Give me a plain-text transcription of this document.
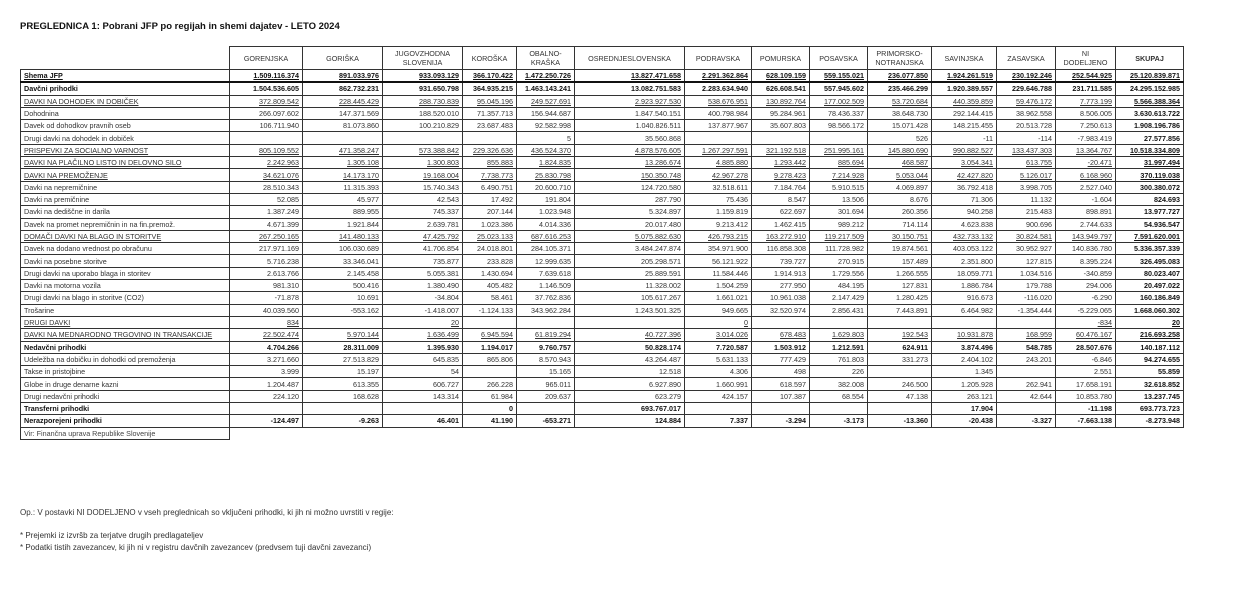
PREGLEDNICA 1: Pobrani JFP po regijah in shemi dajatev - LETO 2024
	GORENJSKA	GORIŠKA	JUGOVZHODNA SLOVENIJA	KOROŠKA	OBALNO-KRAŠKA	OSREDNJESLOVENSKA	PODRAVSKA	POMURSKA	POSAVSKA	PRIMORSKO-NOTRANJSKA	SAVINJSKA	ZASAVSKA	NI DODELJENO	SKUPAJ
Shema JFP	1.509.116.374	891.033.976	933.093.129	366.170.422	1.472.250.726	13.827.471.658	2.291.362.864	628.109.159	559.155.021	236.077.850	1.924.261.519	230.192.246	252.544.925	25.120.839.871
Davčni prihodki	1.504.536.605	862.732.231	931.650.798	364.935.215	1.463.143.241	13.082.751.583	2.283.634.940	626.608.541	557.945.602	235.466.299	1.920.389.557	229.646.788	231.711.585	24.295.152.985
DAVKI NA DOHODEK IN DOBIČEK	372.809.542	228.445.429	288.730.839	95.045.196	249.527.691	2.923.927.530	538.676.951	130.892.764	177.002.509	53.720.684	440.359.859	59.476.172	7.773.199	5.566.388.364
Dohodnina	266.097.602	147.371.569	188.520.010	71.357.713	156.944.687	1.847.540.151	400.798.984	95.284.961	78.436.337	38.648.730	292.144.415	38.962.558	8.506.005	3.630.613.722
Davek od dohodkov pravnih oseb	106.711.940	81.073.860	100.210.829	23.687.483	92.582.998	1.040.826.511	137.877.967	35.607.803	98.566.172	15.071.428	148.215.455	20.513.728	7.250.613	1.908.196.786
Drugi davki na dohodek in dobiček					5	35.560.868				526	-11	-114	-7.983.419	27.577.856
PRISPEVKI ZA SOCIALNO VARNOST	805.109.552	471.358.247	573.388.842	229.326.636	436.524.370	4.878.576.605	1.267.297.591	321.192.518	251.995.161	145.880.690	990.882.527	133.437.303	13.364.767	10.518.334.809
DAVKI NA PLAČILNO LISTO IN DELOVNO SILO	2.242.963	1.305.108	1.300.803	855.883	1.824.835	13.286.674	4.885.880	1.293.442	885.694	468.587	3.054.341	613.755	-20.471	31.997.494
DAVKI NA PREMOŽENJE	34.621.076	14.173.170	19.168.004	7.738.773	25.830.798	150.350.748	42.967.278	9.278.423	7.214.928	5.053.044	42.427.820	5.126.017	6.168.960	370.119.038
Davki na nepremičnine	28.510.343	11.315.393	15.740.343	6.490.751	20.600.710	124.720.580	32.518.611	7.184.764	5.910.515	4.069.897	36.792.418	3.998.705	2.527.040	300.380.072
Davki na premičnine	52.085	45.977	42.543	17.492	191.804	287.790	75.436	8.547	13.506	8.676	71.306	11.132	-1.604	824.693
Davki na dediščne in darila	1.387.249	889.955	745.337	207.144	1.023.948	5.324.897	1.159.819	622.697	301.694	260.356	940.258	215.483	898.891	13.977.727
Davek na promet nepremičnin in na fin.premož.	4.671.399	1.921.844	2.639.781	1.023.386	4.014.336	20.017.480	9.213.412	1.462.415	989.212	714.114	4.623.838	900.696	2.744.633	54.936.547
DOMAČI DAVKI NA BLAGO IN STORITVE	267.250.165	141.480.133	47.425.792	25.023.133	687.616.253	5.075.882.630	426.793.215	163.272.910	119.217.509	30.150.751	432.733.132	30.824.581	143.949.797	7.591.620.001
Davek na dodano vrednost po obračunu	217.971.169	106.030.689	41.706.854	24.018.801	284.105.371	3.484.247.874	354.971.900	116.858.308	111.728.982	19.874.561	403.053.122	30.952.927	140.836.780	5.336.357.339
Davki na posebne storitve	5.716.238	33.346.041	735.877	233.828	12.999.635	205.298.571	56.121.922	739.727	270.915	157.489	2.351.800	127.815	8.395.224	326.495.083
Drugi davki na uporabo blaga in storitev	2.613.766	2.145.458	5.055.381	1.430.694	7.639.618	25.889.591	11.584.446	1.914.913	1.729.556	1.266.555	18.059.771	1.034.516	-340.859	80.023.407
Davki na motorna vozila	981.310	500.416	1.380.490	405.482	1.146.509	11.328.002	1.504.259	277.950	484.195	127.831	1.886.784	179.788	294.006	20.497.022
Drugi davki na blago in storitve (CO2)	-71.878	10.691	-34.804	58.461	37.762.836	105.617.267	1.661.021	10.961.038	2.147.429	1.280.425	916.673	-116.020	-6.290	160.186.849
Trošarine	40.039.560	-553.162	-1.418.007	-1.124.133	343.962.284	1.243.501.325	949.665	32.520.974	2.856.431	7.443.891	6.464.982	-1.354.444	-5.229.065	1.668.060.302
DRUGI DAVKI	834		20				0						-834	20
DAVKI NA MEDNARODNO TRGOVINO IN TRANSAKCIJE	22.502.474	5.970.144	1.636.499	6.945.594	61.819.294	40.727.396	3.014.026	678.483	1.629.803	192.543	10.931.878	168.959	60.476.167	216.693.258
Nedavčni prihodki	4.704.266	28.311.009	1.395.930	1.194.017	9.760.757	50.828.174	7.720.587	1.503.912	1.212.591	624.911	3.874.496	548.785	28.507.676	140.187.112
Udeležba na dobičku in dohodki od premoženja	3.271.660	27.513.829	645.835	865.806	8.570.943	43.264.487	5.631.133	777.429	761.803	331.273	2.404.102	243.201	-6.846	94.274.655
Takse in pristojbine	3.999	15.197	54		15.165	12.518	4.306	498	226		1.345		2.551	55.859
Globe in druge denarne kazni	1.204.487	613.355	606.727	266.228	965.011	6.927.890	1.660.991	618.597	382.008	246.500	1.205.928	262.941	17.658.191	32.618.852
Drugi nedavčni prihodki	224.120	168.628	143.314	61.984	209.637	623.279	424.157	107.387	68.554	47.138	263.121	42.644	10.853.780	13.237.745
Transferni prihodki				0		693.767.017					17.904		-11.198	693.773.723
Nerazporejeni prihodki	-124.497	-9.263	46.401	41.190	-653.271	124.884	7.337	-3.294	-3.173	-13.360	-20.438	-3.327	-7.663.138	-8.273.948
Vir: Finančna uprava Republike Slovenije														
Op.: V postavki NI DODELJENO v vseh preglednicah so vključeni prihodki, ki jih ni možno uvrstiti v regije:
* Prejemki iz izvršb za terjatve drugih predlagateljev
* Podatki tistih zavezancev, ki jih ni v registru davčnih zavezancev (predvsem tuji davčni zavezanci)
